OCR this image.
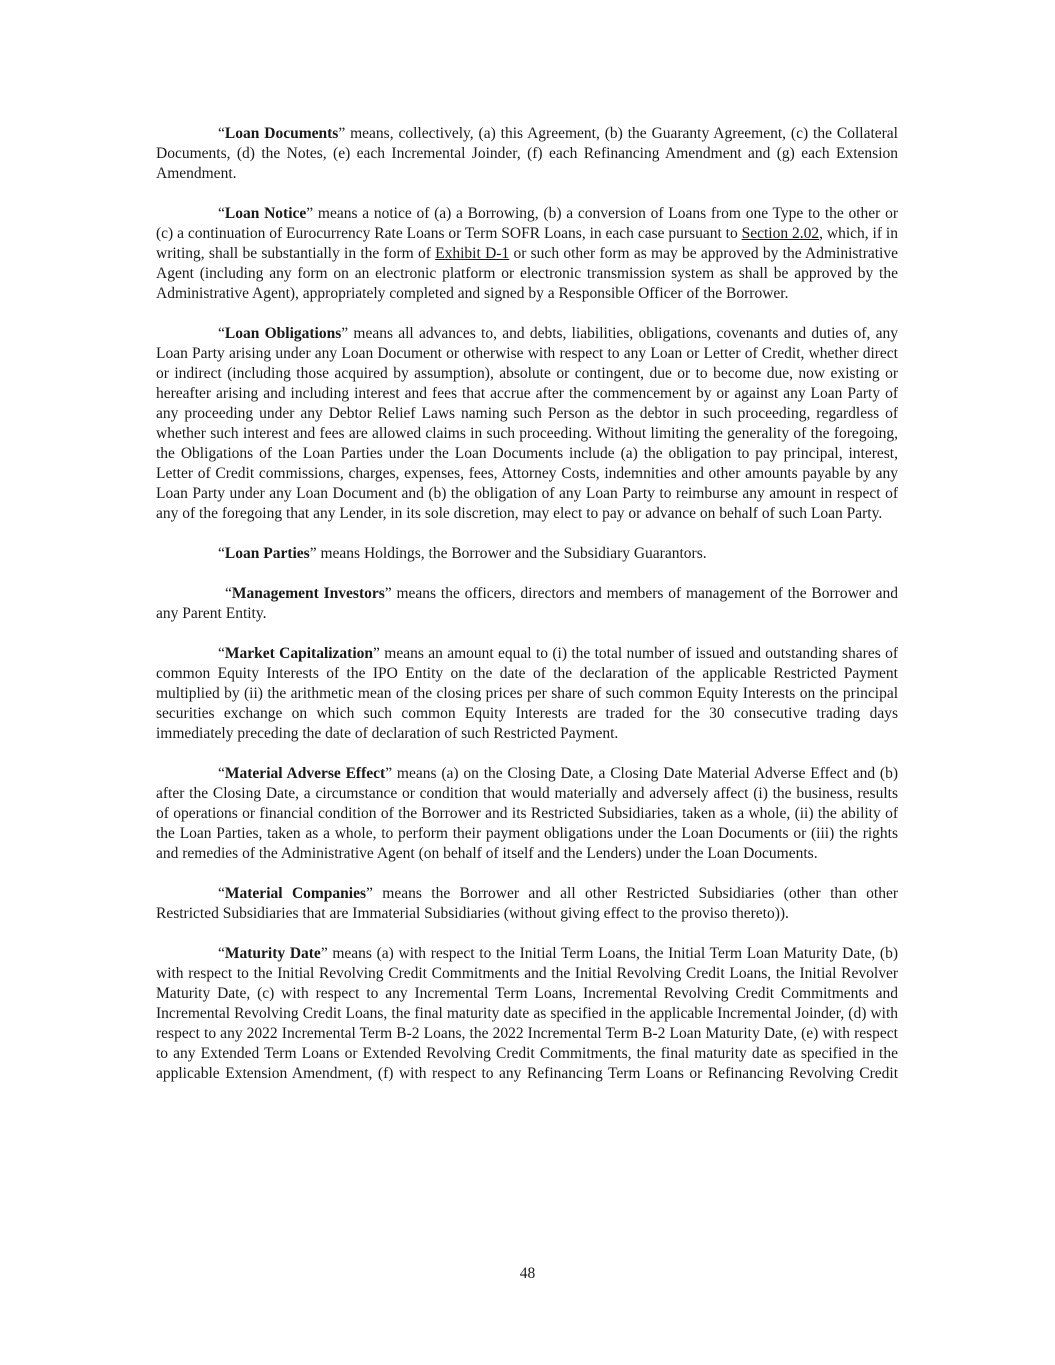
“Loan Documents” means, collectively, (a) this Agreement, (b) the Guaranty Agreement, (c) the Collateral Documents, (d) the Notes, (e) each Incremental Joinder, (f) each Refinancing Amendment and (g) each Extension Amendment.

“Loan Notice” means a notice of (a) a Borrowing, (b) a conversion of Loans from one Type to the other or (c) a continuation of Eurocurrency Rate Loans or Term SOFR Loans, in each case pursuant to Section 2.02, which, if in writing, shall be substantially in the form of Exhibit D-1 or such other form as may be approved by the Administrative Agent (including any form on an electronic platform or electronic transmission system as shall be approved by the Administrative Agent), appropriately completed and signed by a Responsible Officer of the Borrower.

“Loan Obligations” means all advances to, and debts, liabilities, obligations, covenants and duties of, any Loan Party arising under any Loan Document or otherwise with respect to any Loan or Letter of Credit, whether direct or indirect (including those acquired by assumption), absolute or contingent, due or to become due, now existing or hereafter arising and including interest and fees that accrue after the commencement by or against any Loan Party of any proceeding under any Debtor Relief Laws naming such Person as the debtor in such proceeding, regardless of whether such interest and fees are allowed claims in such proceeding. Without limiting the generality of the foregoing, the Obligations of the Loan Parties under the Loan Documents include (a) the obligation to pay principal, interest, Letter of Credit commissions, charges, expenses, fees, Attorney Costs, indemnities and other amounts payable by any Loan Party under any Loan Document and (b) the obligation of any Loan Party to reimburse any amount in respect of any of the foregoing that any Lender, in its sole discretion, may elect to pay or advance on behalf of such Loan Party.

“Loan Parties” means Holdings, the Borrower and the Subsidiary Guarantors.

“Management Investors” means the officers, directors and members of management of the Borrower and any Parent Entity.

“Market Capitalization” means an amount equal to (i) the total number of issued and outstanding shares of common Equity Interests of the IPO Entity on the date of the declaration of the applicable Restricted Payment multiplied by (ii) the arithmetic mean of the closing prices per share of such common Equity Interests on the principal securities exchange on which such common Equity Interests are traded for the 30 consecutive trading days immediately preceding the date of declaration of such Restricted Payment.

“Material Adverse Effect” means (a) on the Closing Date, a Closing Date Material Adverse Effect and (b) after the Closing Date, a circumstance or condition that would materially and adversely affect (i) the business, results of operations or financial condition of the Borrower and its Restricted Subsidiaries, taken as a whole, (ii) the ability of the Loan Parties, taken as a whole, to perform their payment obligations under the Loan Documents or (iii) the rights and remedies of the Administrative Agent (on behalf of itself and the Lenders) under the Loan Documents.

“Material Companies” means the Borrower and all other Restricted Subsidiaries (other than other Restricted Subsidiaries that are Immaterial Subsidiaries (without giving effect to the proviso thereto)).

“Maturity Date” means (a) with respect to the Initial Term Loans, the Initial Term Loan Maturity Date, (b) with respect to the Initial Revolving Credit Commitments and the Initial Revolving Credit Loans, the Initial Revolver Maturity Date, (c) with respect to any Incremental Term Loans, Incremental Revolving Credit Commitments and Incremental Revolving Credit Loans, the final maturity date as specified in the applicable Incremental Joinder, (d) with respect to any 2022 Incremental Term B-2 Loans, the 2022 Incremental Term B-2 Loan Maturity Date, (e) with respect to any Extended Term Loans or Extended Revolving Credit Commitments, the final maturity date as specified in the applicable Extension Amendment, (f) with respect to any Refinancing Term Loans or Refinancing Revolving Credit

48
